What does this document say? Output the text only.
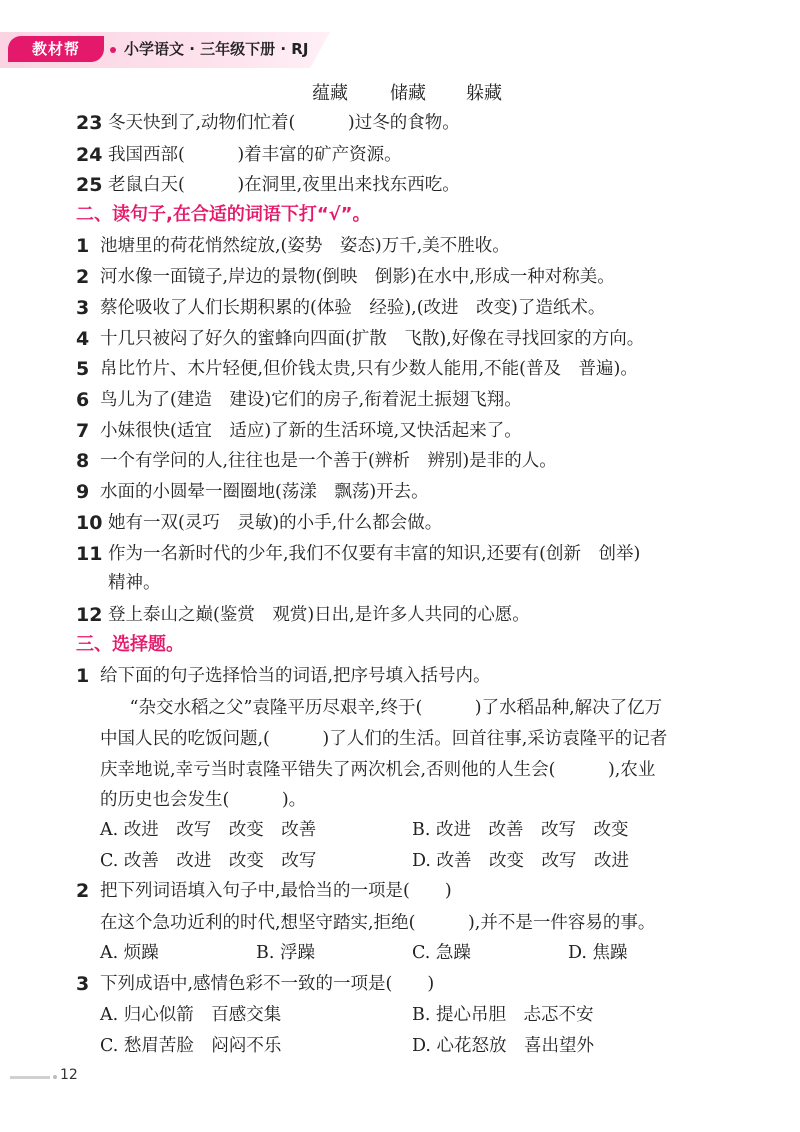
教材帮	小学语文 · 三年级下册 · RJ
蕴藏 储藏 躲藏
23 冬天快到了,动物们忙着(　　　)过冬的食物。
24 我国西部(　　　)着丰富的矿产资源。
25 老鼠白天(　　　)在洞里,夜里出来找东西吃。
二、读句子,在合适的词语下打“√”。
1 池塘里的荷花悄然绽放,(姿势　姿态)万千,美不胜收。
2 河水像一面镜子,岸边的景物(倒映　倒影)在水中,形成一种对称美。
3 蔡伦吸收了人们长期积累的(体验　经验),(改进　改变)了造纸术。
4 十几只被闷了好久的蜜蜂向四面(扩散　飞散),好像在寻找回家的方向。
5 帛比竹片、木片轻便,但价钱太贵,只有少数人能用,不能(普及　普遍)。
6 鸟儿为了(建造　建设)它们的房子,衔着泥土振翅飞翔。
7 小妹很快(适宜　适应)了新的生活环境,又快活起来了。
8 一个有学问的人,往往也是一个善于(辨析　辨别)是非的人。
9 水面的小圆晕一圈圈地(荡漾　飘荡)开去。
10 她有一双(灵巧　灵敏)的小手,什么都会做。
11 作为一名新时代的少年,我们不仅要有丰富的知识,还要有(创新　创举)
精神。
12 登上泰山之巅(鉴赏　观赏)日出,是许多人共同的心愿。
三、选择题。
1 给下面的句子选择恰当的词语,把序号填入括号内。
　“杂交水稻之父”袁隆平历尽艰辛,终于(　　　)了水稻品种,解决了亿万
中国人民的吃饭问题,(　　　)了人们的生活。回首往事,采访袁隆平的记者
庆幸地说,幸亏当时袁隆平错失了两次机会,否则他的人生会(　　　),农业
的历史也会发生(　　　)。
A. 改进　改写　改变　改善	B. 改进　改善　改写　改变
C. 改善　改进　改变　改写	D. 改善　改变　改写　改进
2 把下列词语填入句子中,最恰当的一项是(　　)
在这个急功近利的时代,想坚守踏实,拒绝(　　　),并不是一件容易的事。
A. 烦躁	B. 浮躁	C. 急躁	D. 焦躁
3 下列成语中,感情色彩不一致的一项是(　　)
A. 归心似箭　百感交集	B. 提心吊胆　忐忑不安
C. 愁眉苦脸　闷闷不乐	D. 心花怒放　喜出望外
12
